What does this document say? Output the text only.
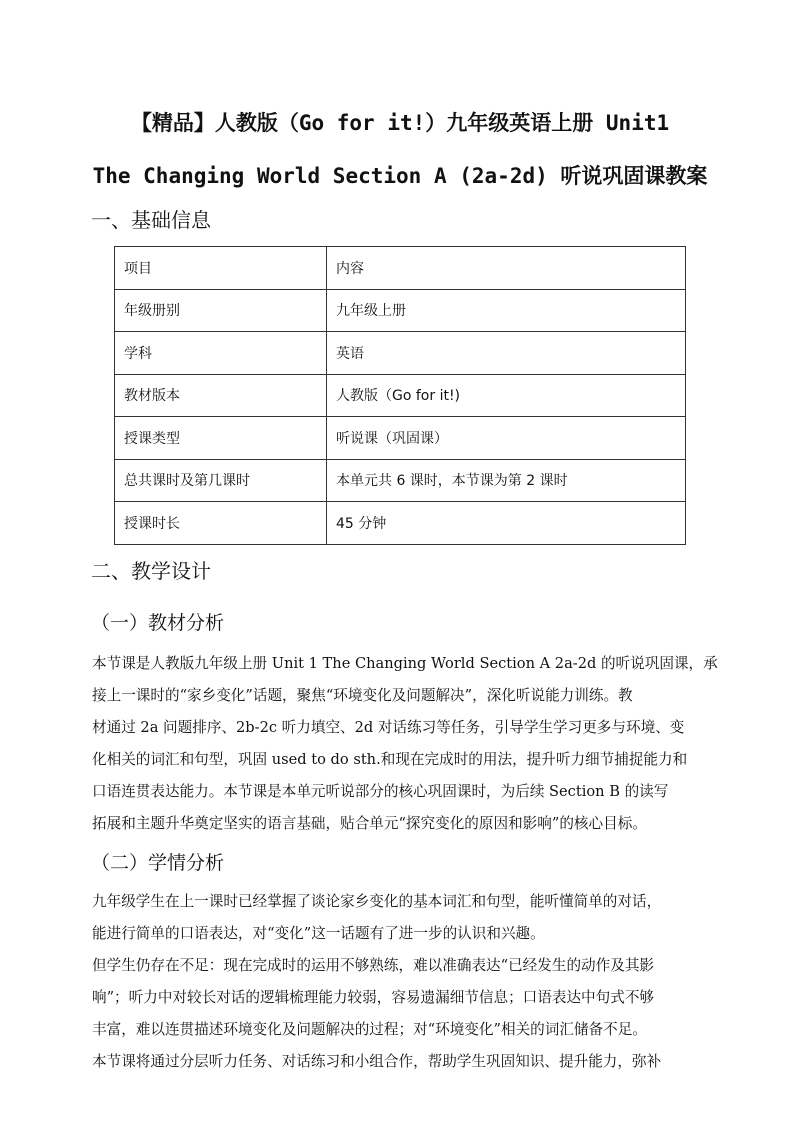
【精品】人教版（Go for it!）九年级英语上册 Unit1
The Changing World Section A (2a-2d) 听说巩固课教案
一、基础信息
项目	内容
年级册别	九年级上册
学科	英语
教材版本	人教版（Go for it!)
授课类型	听说课（巩固课）
总共课时及第几课时	本单元共 6 课时，本节课为第 2 课时
授课时长	45 分钟
二、教学设计
（一）教材分析
本节课是人教版九年级上册 Unit 1 The Changing World Section A 2a-2d 的听说巩固课，承
接上一课时的“家乡变化”话题，聚焦“环境变化及问题解决”，深化听说能力训练。教
材通过 2a 问题排序、2b-2c 听力填空、2d 对话练习等任务，引导学生学习更多与环境、变
化相关的词汇和句型，巩固 used to do sth.和现在完成时的用法，提升听力细节捕捉能力和
口语连贯表达能力。本节课是本单元听说部分的核心巩固课时，为后续 Section B 的读写
拓展和主题升华奠定坚实的语言基础，贴合单元“探究变化的原因和影响”的核心目标。
（二）学情分析
九年级学生在上一课时已经掌握了谈论家乡变化的基本词汇和句型，能听懂简单的对话，
能进行简单的口语表达，对“变化”这一话题有了进一步的认识和兴趣。
但学生仍存在不足：现在完成时的运用不够熟练，难以准确表达“已经发生的动作及其影
响”；听力中对较长对话的逻辑梳理能力较弱，容易遗漏细节信息；口语表达中句式不够
丰富，难以连贯描述环境变化及问题解决的过程；对“环境变化”相关的词汇储备不足。
本节课将通过分层听力任务、对话练习和小组合作，帮助学生巩固知识、提升能力，弥补
